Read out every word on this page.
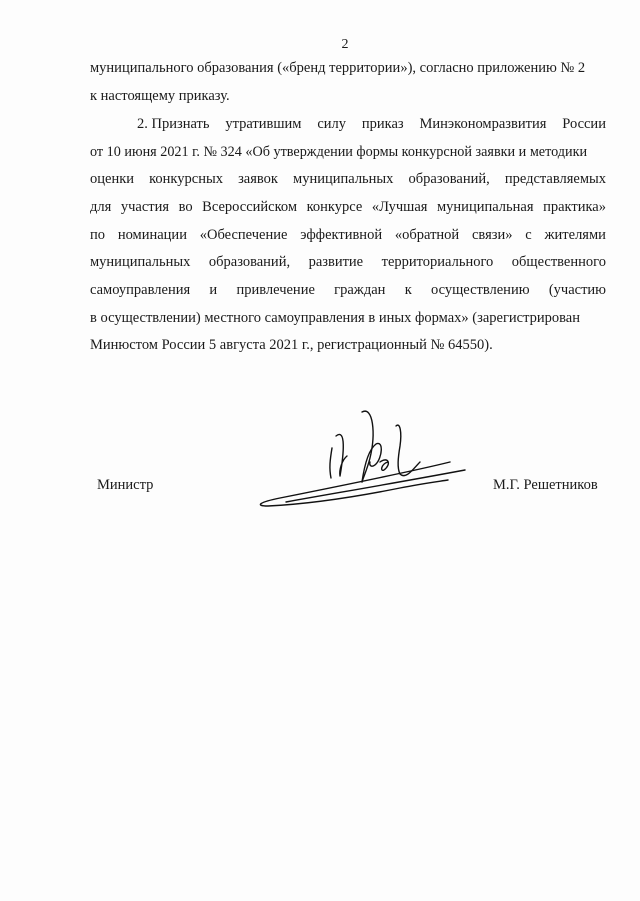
2
муниципального образования («бренд территории»), согласно приложению № 2
к настоящему приказу.
2. Признать утратившим силу приказ Минэкономразвития России
от 10 июня 2021 г. № 324 «Об утверждении формы конкурсной заявки и методики
оценки конкурсных заявок муниципальных образований, представляемых
для участия во Всероссийском конкурсе «Лучшая муниципальная практика»
по номинации «Обеспечение эффективной «обратной связи» с жителями
муниципальных образований, развитие территориального общественного
самоуправления и привлечение граждан к осуществлению (участию
в осуществлении) местного самоуправления в иных формах» (зарегистрирован
Минюстом России 5 августа 2021 г., регистрационный № 64550).
Министр	М.Г. Решетников
